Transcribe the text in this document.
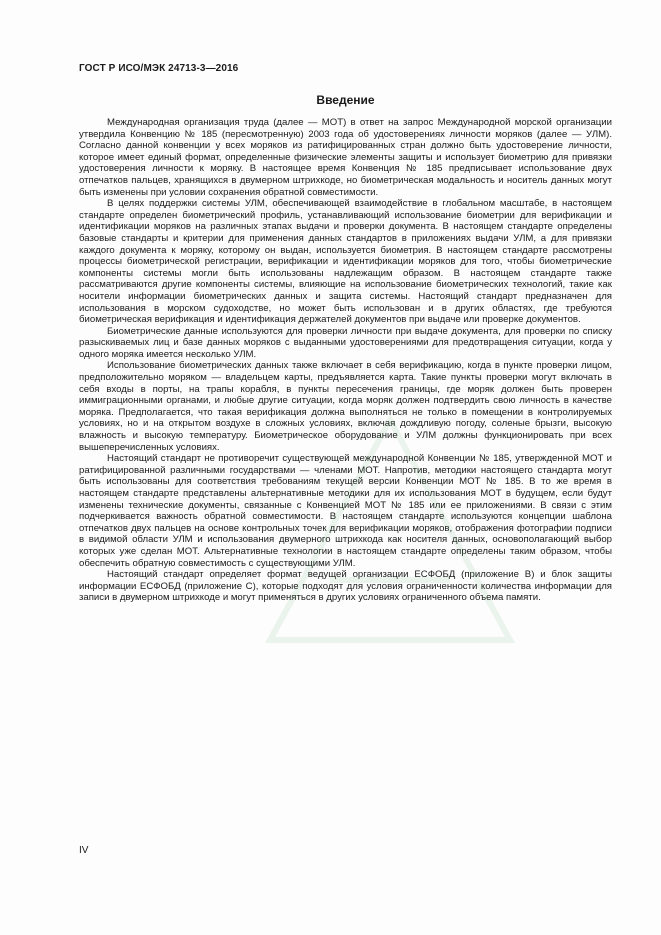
ГОСТ Р ИСО/МЭК 24713-3—2016
Введение

Международная организация труда (далее — МОТ) в ответ на запрос Международной морской организации утвердила Конвенцию № 185 (пересмотренную) 2003 года об удостоверениях личности моряков (далее — УЛМ). Согласно данной конвенции у всех моряков из ратифицированных стран должно быть удостоверение личности, которое имеет единый формат, определенные физические элементы защиты и использует биометрию для привязки удостоверения личности к моряку. В настоящее время Конвенция № 185 предписывает использование двух отпечатков пальцев, хранящихся в двумерном штрихкоде, но биометрическая модальность и носитель данных могут быть изменены при условии сохранения обратной совместимости.

В целях поддержки системы УЛМ, обеспечивающей взаимодействие в глобальном масштабе, в настоящем стандарте определен биометрический профиль, устанавливающий использование биометрии для верификации и идентификации моряков на различных этапах выдачи и проверки документа. В настоящем стандарте определены базовые стандарты и критерии для применения данных стандартов в приложениях выдачи УЛМ, а для привязки каждого документа к моряку, которому он выдан, используется биометрия. В настоящем стандарте рассмотрены процессы биометрической регистрации, верификации и идентификации моряков для того, чтобы биометрические компоненты системы могли быть использованы надлежащим образом. В настоящем стандарте также рассматриваются другие компоненты системы, влияющие на использование биометрических технологий, такие как носители информации биометрических данных и защита системы. Настоящий стандарт предназначен для использования в морском судоходстве, но может быть использован и в других областях, где требуются биометрическая верификация и идентификация держателей документов при выдаче или проверке документов.

Биометрические данные используются для проверки личности при выдаче документа, для проверки по списку разыскиваемых лиц и базе данных моряков с выданными удостоверениями для предотвращения ситуации, когда у одного моряка имеется несколько УЛМ.

Использование биометрических данных также включает в себя верификацию, когда в пункте проверки лицом, предположительно моряком — владельцем карты, предъявляется карта. Такие пункты проверки могут включать в себя входы в порты, на трапы корабля, в пункты пересечения границы, где моряк должен быть проверен иммиграционными органами, и любые другие ситуации, когда моряк должен подтвердить свою личность в качестве моряка. Предполагается, что такая верификация должна выполняться не только в помещении в контролируемых условиях, но и на открытом воздухе в сложных условиях, включая дождливую погоду, соленые брызги, высокую влажность и высокую температуру. Биометрическое оборудование и УЛМ должны функционировать при всех вышеперечисленных условиях.

Настоящий стандарт не противоречит существующей международной Конвенции № 185, утвержденной МОТ и ратифицированной различными государствами — членами МОТ. Напротив, методики настоящего стандарта могут быть использованы для соответствия требованиям текущей версии Конвенции МОТ № 185. В то же время в настоящем стандарте представлены альтернативные методики для их использования МОТ в будущем, если будут изменены технические документы, связанные с Конвенцией МОТ № 185 или ее приложениями. В связи с этим подчеркивается важность обратной совместимости. В настоящем стандарте используются концепции шаблона отпечатков двух пальцев на основе контрольных точек для верификации моряков, отображения фотографии подписи в видимой области УЛМ и использования двумерного штрихкода как носителя данных, основополагающий выбор которых уже сделан МОТ. Альтернативные технологии в настоящем стандарте определены таким образом, чтобы обеспечить обратную совместимость с существующими УЛМ.

Настоящий стандарт определяет формат ведущей организации ЕСФОБД (приложение В) и блок защиты информации ЕСФОБД (приложение С), которые подходят для условия ограниченности количества информации для записи в двумерном штрихкоде и могут применяться в других условиях ограниченного объема памяти.

IV
